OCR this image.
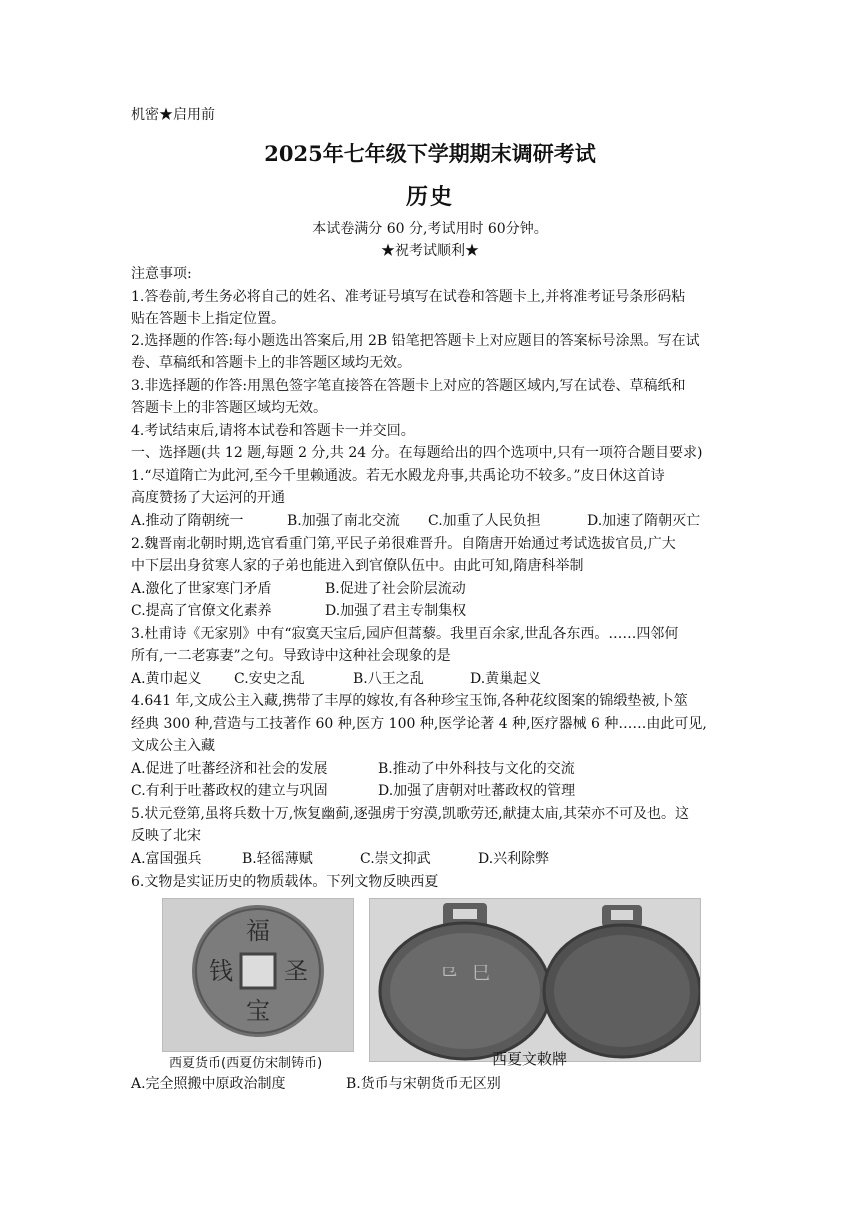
机密★启用前
2025年七年级下学期期末调研考试
历史
本试卷满分 60 分,考试用时 60分钟。
★祝考试顺利★
注意事项:
1.答卷前,考生务必将自己的姓名、准考证号填写在试卷和答题卡上,并将准考证号条形码粘
贴在答题卡上指定位置。
2.选择题的作答:每小题选出答案后,用 2B 铅笔把答题卡上对应题目的答案标号涂黑。写在试
卷、草稿纸和答题卡上的非答题区域均无效。
3.非选择题的作答:用黑色签字笔直接答在答题卡上对应的答题区域内,写在试卷、草稿纸和
答题卡上的非答题区域均无效。
4.考试结束后,请将本试卷和答题卡一并交回。
一、选择题(共 12 题,每题 2 分,共 24 分。在每题给出的四个选项中,只有一项符合题目要求)
1.“尽道隋亡为此河,至今千里赖通波。若无水殿龙舟事,共禹论功不较多。”皮日休这首诗
高度赞扬了大运河的开通
A.推动了隋朝统一	B.加强了南北交流 C.加重了人民负担	D.加速了隋朝灭亡
2.魏晋南北朝时期,选官看重门第,平民子弟很难晋升。自隋唐开始通过考试选拔官员,广大
中下层出身贫寒人家的子弟也能进入到官僚队伍中。由此可知,隋唐科举制
A.激化了世家寒门矛盾	B.促进了社会阶层流动
C.提高了官僚文化素养	D.加强了君主专制集权
3.杜甫诗《无家别》中有“寂寞天宝后,园庐但蒿藜。我里百余家,世乱各东西。……四邻何
所有,一二老寡妻”之句。导致诗中这种社会现象的是
A.黄巾起义 C.安史之乱	B.八王之乱	D.黄巢起义
4.641 年,文成公主入藏,携带了丰厚的嫁妆,有各种珍宝玉饰,各种花纹图案的锦缎垫被,卜筮
经典 300 种,营造与工技著作 60 种,医方 100 种,医学论著 4 种,医疗器械 6 种……由此可见,
文成公主入藏
A.促进了吐蕃经济和社会的发展	B.推动了中外科技与文化的交流
C.有利于吐蕃政权的建立与巩固	D.加强了唐朝对吐蕃政权的管理
5.状元登第,虽将兵数十万,恢复幽蓟,逐强虏于穷漠,凯歌劳还,献捷太庙,其荣亦不可及也。这
反映了北宋
A.富国强兵	B.轻徭薄赋	C.崇文抑武	D.兴利除弊
6.文物是实证历史的物质载体。下列文物反映西夏
福
钱 圣
宝
西夏货币(西夏仿宋制铸币)
⺋ ⺒
西夏文敕牌
A.完全照搬中原政治制度	B.货币与宋朝货币无区别
